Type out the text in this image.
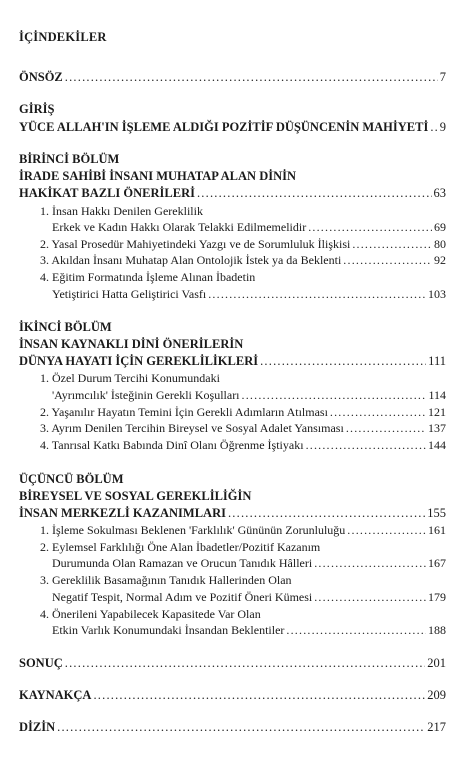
İÇİNDEKİLER
ÖNSÖZ .....	7
GİRİŞ
YÜCE ALLAH'IN İŞLEME ALDIĞI POZİTİF DÜŞÜNCENİN MAHİYETİ ..... 9
BİRİNCİ BÖLÜM
İRADE SAHİBİ İNSANI MUHATAP ALAN DİNİN
HAKİKAT BAZLI ÖNERİLERİ .....	63
1. İnsan Hakkı Denilen Gereklilik
Erkek ve Kadın Hakkı Olarak Telakki Edilmemelidir .....	69
2. Yasal Prosedür Mahiyetindeki Yazgı ve de Sorumluluk İlişkisi .....	80
3. Akıldan İnsanı Muhatap Alan Ontolojik İstek ya da Beklenti .....	92
4. Eğitim Formatında İşleme Alınan İbadetin
Yetiştirici Hatta Geliştirici Vasfı .....	103
İKİNCİ BÖLÜM
İNSAN KAYNAKLI DİNİ ÖNERİLERİN
DÜNYA HAYATI İÇİN GEREKLİLİKLERİ .....	111
1. Özel Durum Tercihi Konumundaki
'Ayrımcılık' İsteğinin Gerekli Koşulları .....	114
2. Yaşanılır Hayatın Temini İçin Gerekli Adımların Atılması .....	121
3. Ayrım Denilen Tercihin Bireysel ve Sosyal Adalet Yansıması .....	137
4. Tanrısal Katkı Babında Dinî Olanı Öğrenme İştiyakı .....	144
ÜÇÜNCÜ BÖLÜM
BİREYSEL VE SOSYAL GEREKLİLİĞİN
İNSAN MERKEZLİ KAZANIMLARI .....	155
1. İşleme Sokulması Beklenen 'Farklılık' Gününün Zorunluluğu .....	161
2. Eylemsel Farklılığı Öne Alan İbadetler/Pozitif Kazanım
Durumunda Olan Ramazan ve Orucun Tanıdık Hâlleri .....	167
3. Gereklilik Basamağının Tanıdık Hallerinden Olan
Negatif Tespit, Normal Adım ve Pozitif Öneri Kümesi .....	179
4. Önerileni Yapabilecek Kapasitede Var Olan
Etkin Varlık Konumundaki İnsandan Beklentiler .....	188
SONUÇ .....	201
KAYNAKÇA .....	209
DİZİN .....	217
